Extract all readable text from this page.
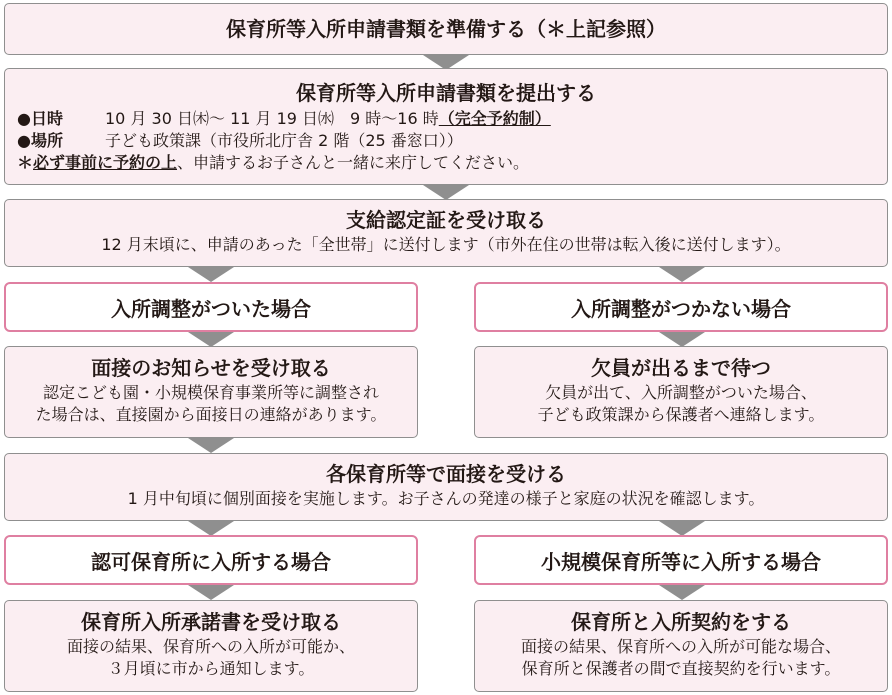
保育所等入所申請書類を準備する（＊上記参照）
保育所等入所申請書類を提出する
●日時	10 月 30 日㈭～ 11 月 19 日㈬　9 時～16 時 （完全予約制）
●場所	子ども政策課（市役所北庁舎 2 階（25 番窓口））
＊ 必ず事前に予約の上 、申請するお子さんと一緒に来庁してください。
支給認定証を受け取る
12 月末頃に、申請のあった「全世帯」に送付します（市外在住の世帯は転入後に送付します）。
入所調整がついた場合	入所調整がつかない場合
面接のお知らせを受け取る
認定こども園・小規模保育事業所等に調整され
た場合は、直接園から面接日の連絡があります。
欠員が出るまで待つ
欠員が出て、入所調整がついた場合、
子ども政策課から保護者へ連絡します。
各保育所等で面接を受ける
1 月中旬頃に個別面接を実施します。お子さんの発達の様子と家庭の状況を確認します。
認可保育所に入所する場合	小規模保育所等に入所する場合
保育所入所承諾書を受け取る
面接の結果、保育所への入所が可能か、
３月頃に市から通知します。
保育所と入所契約をする
面接の結果、保育所への入所が可能な場合、
保育所と保護者の間で直接契約を行います。
